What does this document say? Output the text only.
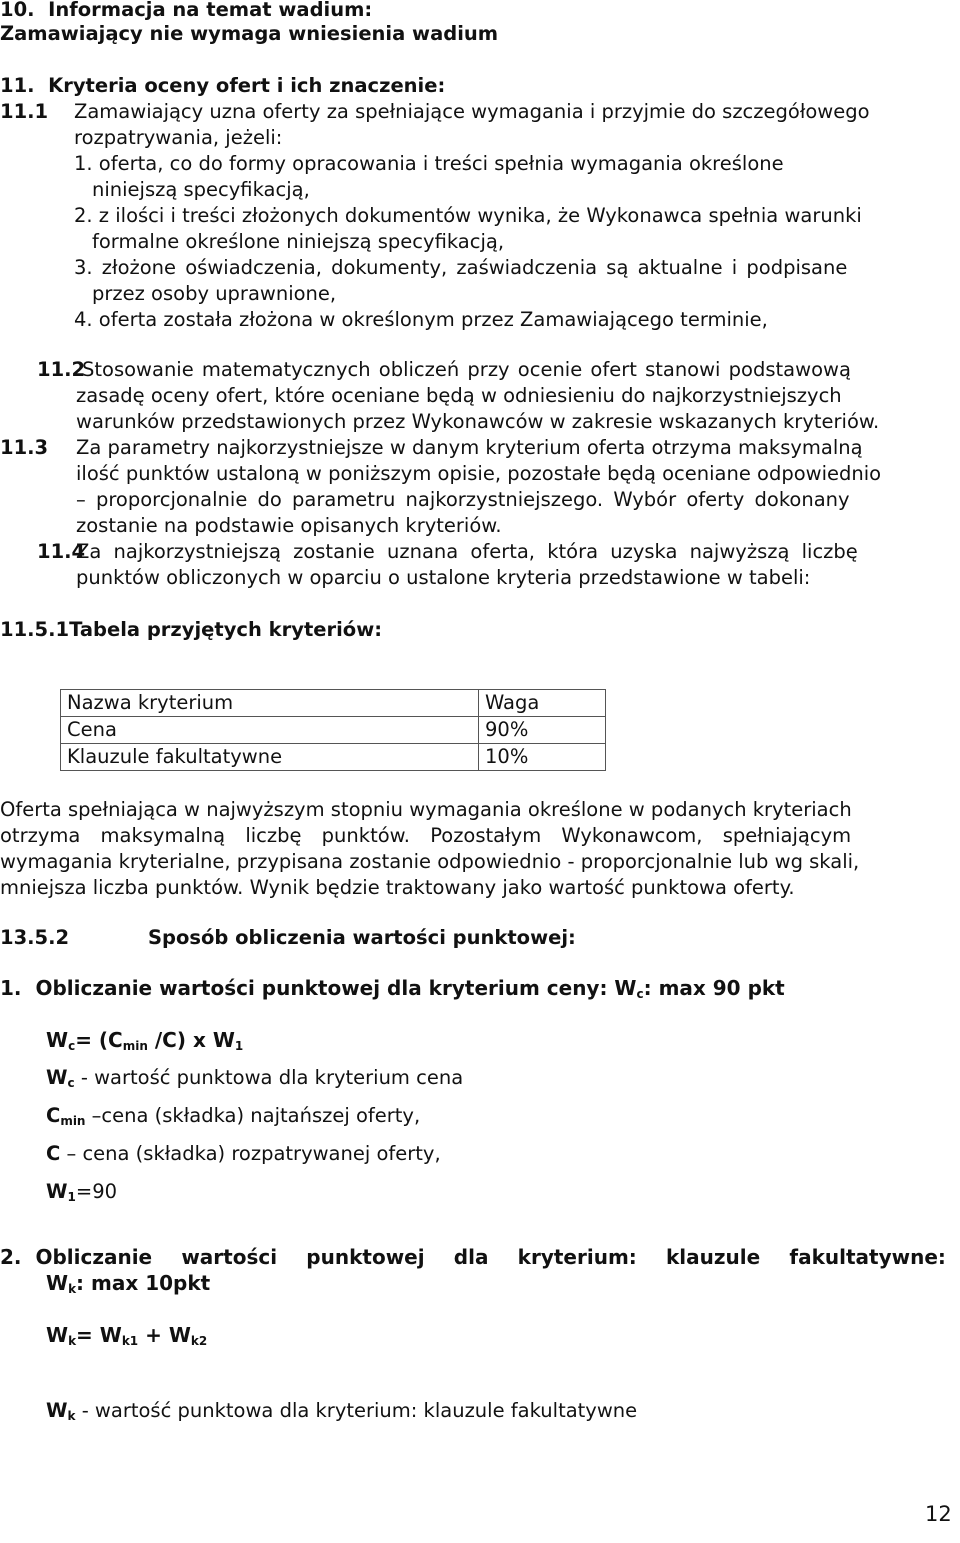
10.  Informacja na temat wadium:
Zamawiający nie wymaga wniesienia wadium
11.  Kryteria oceny ofert i ich znaczenie:
11.1 Zamawiający uzna oferty za spełniające wymagania i przyjmie do szczegółowego
rozpatrywania, jeżeli:
1. oferta, co do formy opracowania i treści spełnia wymagania określone
niniejszą specyfikacją,
2. z ilości i treści złożonych dokumentów wynika, że Wykonawca spełnia warunki
formalne określone niniejszą specyfikacją,
3. złożone oświadczenia, dokumenty, zaświadczenia są aktualne i podpisane
przez osoby uprawnione,
4. oferta została złożona w określonym przez Zamawiającego terminie,
11.2
Stosowanie matematycznych obliczeń przy ocenie ofert stanowi podstawową
zasadę oceny ofert, które oceniane będą w odniesieniu do najkorzystniejszych
warunków przedstawionych przez Wykonawców w zakresie wskazanych kryteriów.
11.3 Za parametry najkorzystniejsze w danym kryterium oferta otrzyma maksymalną
ilość punktów ustaloną w poniższym opisie, pozostałe będą oceniane odpowiednio
– proporcjonalnie do parametru najkorzystniejszego. Wybór oferty dokonany
zostanie na podstawie opisanych kryteriów.
11.4
Za najkorzystniejszą zostanie uznana oferta, która uzyska najwyższą liczbę
punktów obliczonych w oparciu o ustalone kryteria przedstawione w tabeli:
11.5.1Tabela przyjętych kryteriów:
Nazwa kryterium	Waga
Cena	90%
Klauzule fakultatywne	10%
Oferta spełniająca w najwyższym stopniu wymagania określone w podanych kryteriach
otrzyma maksymalną liczbę punktów. Pozostałym Wykonawcom, spełniającym
wymagania kryterialne, przypisana zostanie odpowiednio - proporcjonalnie lub wg skali,
mniejsza liczba punktów. Wynik będzie traktowany jako wartość punktowa oferty.
13.5.2	Sposób obliczenia wartości punktowej:
1.  Obliczanie wartości punktowej dla kryterium ceny: $W_c$: max 90 pkt
$W_c= (C_{min}$ /C) x $W_1$
$W_c$ - wartość punktowa dla kryterium cena
$C_{min}$ –cena (składka) najtańszej oferty,
C – cena (składka) rozpatrywanej oferty,
$W_1=90$
2.  Obliczanie wartości punktowej dla kryterium: klauzule fakultatywne:
$W_k$: max 10pkt
$W_k= W_{k1} + W_{k2}$
$W_k$ - wartość punktowa dla kryterium: klauzule fakultatywne
12
